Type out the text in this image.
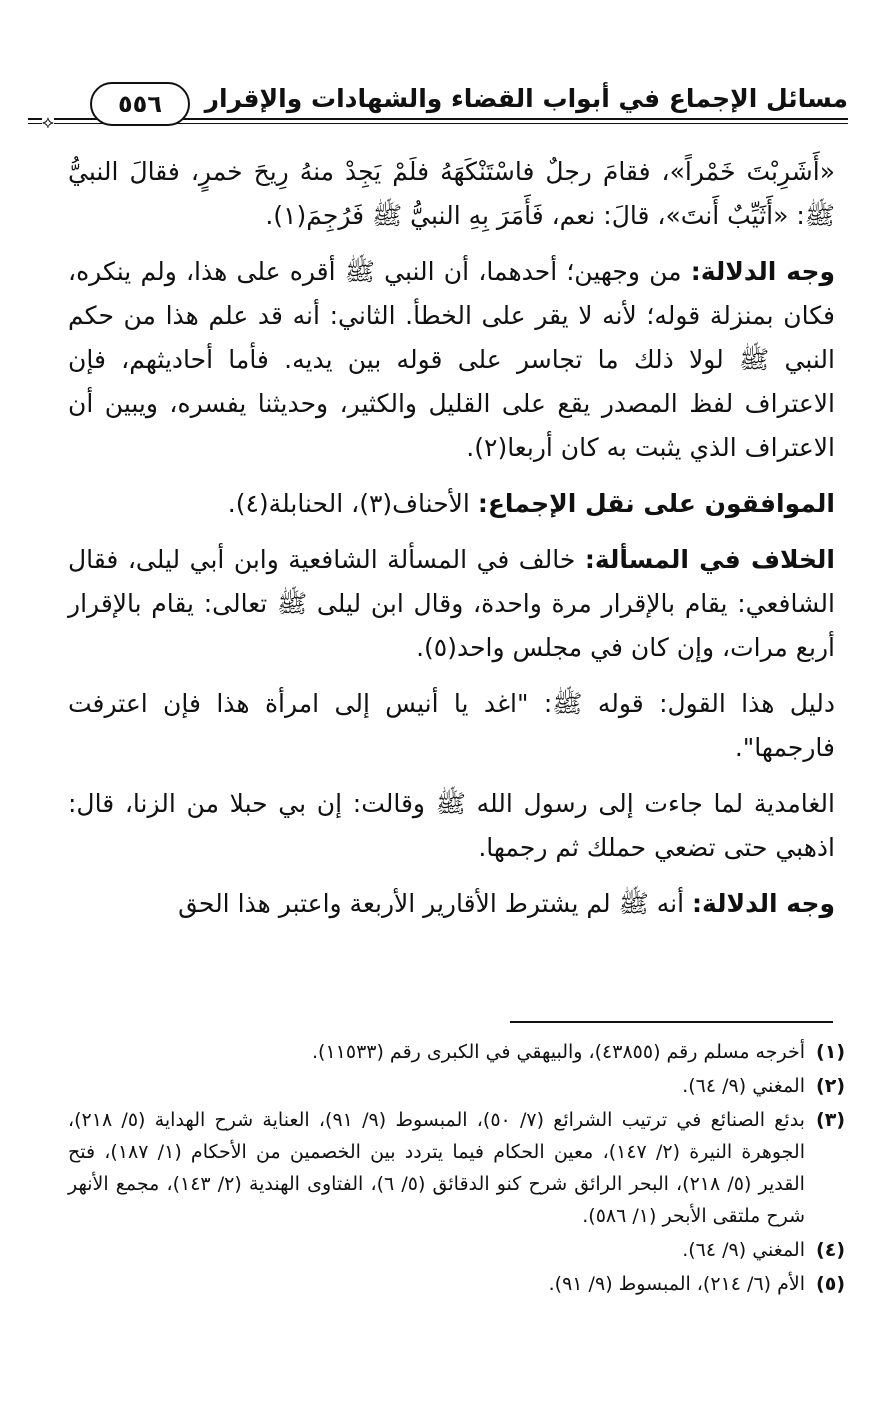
مسائل الإجماع في أبواب القضاء والشهادات والإقرار
⟡
٥٥٦

«أَشَرِبْتَ خَمْراً»، فقامَ رجلٌ فاسْتَنْكَهَهُ فلَمْ يَجِدْ منهُ رِيحَ خمرٍ، فقالَ النبيُّ ﷺ: «أَثَيِّبٌ أَنتَ»، قالَ: نعم، فَأَمَرَ بِهِ النبيُّ ﷺ فَرُجِمَ(١).

وجه الدلالة: من وجهين؛ أحدهما، أن النبي ﷺ أقره على هذا، ولم ينكره، فكان بمنزلة قوله؛ لأنه لا يقر على الخطأ. الثاني: أنه قد علم هذا من حكم النبي ﷺ لولا ذلك ما تجاسر على قوله بين يديه. فأما أحاديثهم، فإن الاعتراف لفظ المصدر يقع على القليل والكثير، وحديثنا يفسره، ويبين أن الاعتراف الذي يثبت به كان أربعا(٢).

الموافقون على نقل الإجماع: الأحناف(٣)، الحنابلة(٤).

الخلاف في المسألة: خالف في المسألة الشافعية وابن أبي ليلى، فقال الشافعي: يقام بالإقرار مرة واحدة، وقال ابن ليلى ﷺ تعالى: يقام بالإقرار أربع مرات، وإن كان في مجلس واحد(٥).

دليل هذا القول: قوله ﷺ: "اغد يا أنيس إلى امرأة هذا فإن اعترفت فارجمها".

الغامدية لما جاءت إلى رسول الله ﷺ وقالت: إن بي حبلا من الزنا، قال: اذهبي حتى تضعي حملك ثم رجمها.

وجه الدلالة: أنه ﷺ لم يشترط الأقارير الأربعة واعتبر هذا الحق

(١)
أخرجه مسلم رقم (٤٣٨٥٥)، والبيهقي في الكبرى رقم (١١٥٣٣).
(٢)
المغني (٩/ ٦٤).
(٣)
بدئع الصنائع في ترتيب الشرائع (٧/ ٥٠)، المبسوط (٩/ ٩١)، العناية شرح الهداية (٥/ ٢١٨)، الجوهرة النيرة (٢/ ١٤٧)، معين الحكام فيما يتردد بين الخصمين من الأحكام (١/ ١٨٧)، فتح القدير (٥/ ٢١٨)، البحر الرائق شرح كنو الدقائق (٥/ ٦)، الفتاوى الهندية (٢/ ١٤٣)، مجمع الأنهر شرح ملتقى الأبحر (١/ ٥٨٦).
(٤)
المغني (٩/ ٦٤).
(٥)
الأم (٦/ ٢١٤)، المبسوط (٩/ ٩١).
